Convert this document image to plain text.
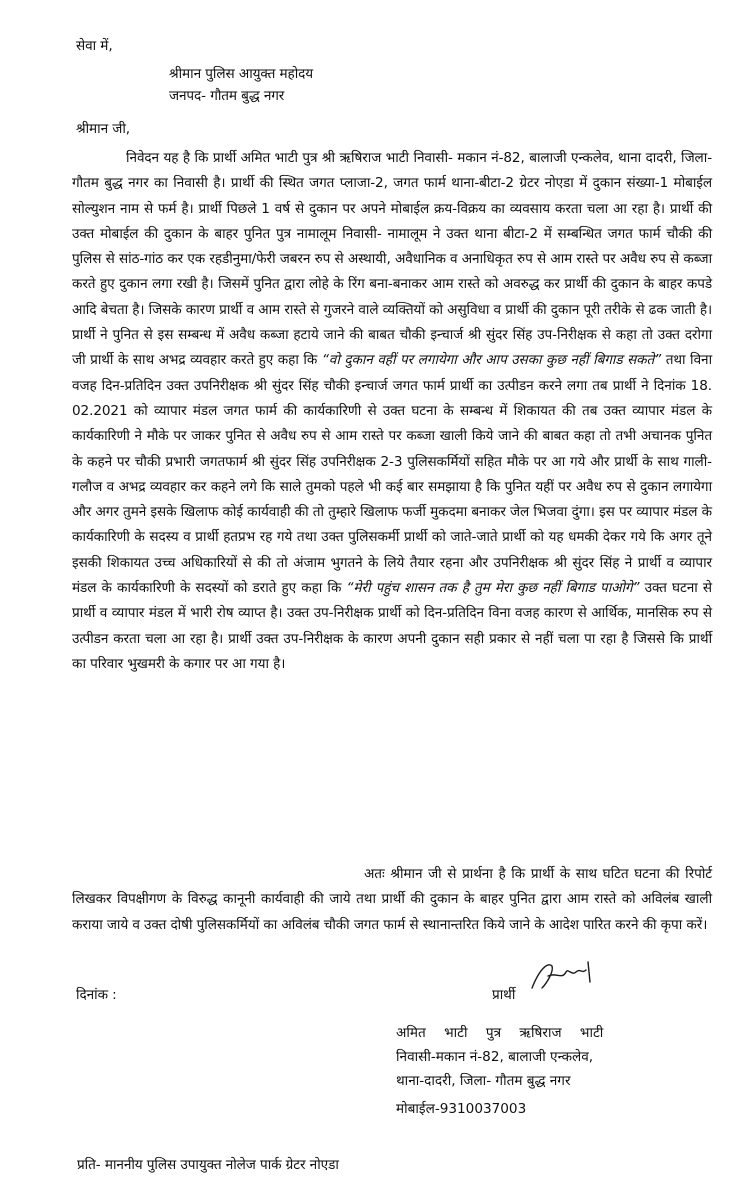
सेवा में,
श्रीमान पुलिस आयुक्त महोदय
जनपद- गौतम बुद्ध नगर
श्रीमान जी,
निवेदन यह है कि प्रार्थी अमित भाटी पुत्र श्री ऋषिराज भाटी निवासी- मकान नं-82, बालाजी एन्कलेव, थाना दादरी, जिला- गौतम बुद्ध नगर का निवासी है। प्रार्थी की स्थित जगत प्लाजा-2, जगत फार्म थाना-बीटा-2 ग्रेटर नोएडा में दुकान संख्या-1 मोबाईल सोल्युशन नाम से फर्म है। प्रार्थी पिछले 1 वर्ष से दुकान पर अपने मोबाईल क्रय-विक्रय का व्यवसाय करता चला आ रहा है। प्रार्थी की उक्त मोबाईल की दुकान के बाहर पुनित पुत्र नामालूम निवासी- नामालूम ने उक्त थाना बीटा-2 में सम्बन्धित जगत फार्म चौकी की पुलिस से सांठ-गांठ कर एक रहडीनुमा/फेरी जबरन रुप से अस्थायी, अवैधानिक व अनाधिकृत रुप से आम रास्ते पर अवैध रुप से कब्जा करते हुए दुकान लगा रखी है। जिसमें पुनित द्वारा लोहे के रिंग बना-बनाकर आम रास्ते को अवरुद्ध कर प्रार्थी की दुकान के बाहर कपडे आदि बेचता है। जिसके कारण प्रार्थी व आम रास्ते से गुजरने वाले व्यक्तियों को असुविधा व प्रार्थी की दुकान पूरी तरीके से ढक जाती है। प्रार्थी ने पुनित से इस सम्बन्ध में अवैध कब्जा हटाये जाने की बाबत चौकी इन्चार्ज श्री सुंदर सिंह उप-निरीक्षक से कहा तो उक्त दरोगा जी प्रार्थी के साथ अभद्र व्यवहार करते हुए कहा कि “वो दुकान वहीं पर लगायेगा और आप उसका कुछ नहीं बिगाड सकते” तथा विना वजह दिन-प्रतिदिन उक्त उपनिरीक्षक श्री सुंदर सिंह चौकी इन्चार्ज जगत फार्म प्रार्थी का उत्पीडन करने लगा तब प्रार्थी ने दिनांक 18. 02.2021 को व्यापार मंडल जगत फार्म की कार्यकारिणी से उक्त घटना के सम्बन्ध में शिकायत की तब उक्त व्यापार मंडल के कार्यकारिणी ने मौके पर जाकर पुनित से अवैध रुप से आम रास्ते पर कब्जा खाली किये जाने की बाबत कहा तो तभी अचानक पुनित के कहने पर चौकी प्रभारी जगतफार्म श्री सुंदर सिंह उपनिरीक्षक 2-3 पुलिसकर्मियों सहित मौके पर आ गये और प्रार्थी के साथ गाली-गलौज व अभद्र व्यवहार कर कहने लगे कि साले तुमको पहले भी कई बार समझाया है कि पुनित यहीं पर अवैध रुप से दुकान लगायेगा और अगर तुमने इसके खिलाफ कोई कार्यवाही की तो तुम्हारे खिलाफ फर्जी मुकदमा बनाकर जेल भिजवा दुंगा। इस पर व्यापार मंडल के कार्यकारिणी के सदस्य व प्रार्थी हतप्रभ रह गये तथा उक्त पुलिसकर्मी प्रार्थी को जाते-जाते प्रार्थी को यह धमकी देकर गये कि अगर तूने इसकी शिकायत उच्च अधिकारियों से की तो अंजाम भुगतने के लिये तैयार रहना और उपनिरीक्षक श्री सुंदर सिंह ने प्रार्थी व व्यापार मंडल के कार्यकारिणी के सदस्यों को डराते हुए कहा कि “मेरी पहुंच शासन तक है तुम मेरा कुछ नहीं बिगाड पाओगे” उक्त घटना से प्रार्थी व व्यापार मंडल में भारी रोष व्याप्त है। उक्त उप-निरीक्षक प्रार्थी को दिन-प्रतिदिन विना वजह कारण से आर्थिक, मानसिक रुप से उत्पीडन करता चला आ रहा है। प्रार्थी उक्त उप-निरीक्षक के कारण अपनी दुकान सही प्रकार से नहीं चला पा रहा है जिससे कि प्रार्थी का परिवार भुखमरी के कगार पर आ गया है।
अतः श्रीमान जी से प्रार्थना है कि प्रार्थी के साथ घटित घटना की रिपोर्ट लिखकर विपक्षीगण के विरुद्ध कानूनी कार्यवाही की जाये तथा प्रार्थी की दुकान के बाहर पुनित द्वारा आम रास्ते को अविलंब खाली कराया जाये व उक्त दोषी पुलिसकर्मियों का अविलंब चौकी जगत फार्म से स्थानान्तरित किये जाने के आदेश पारित करने की कृपा करें।
दिनांक :	प्रार्थी
अमित भाटी पुत्र ऋषिराज भाटी
निवासी-मकान नं-82, बालाजी एन्कलेव,
थाना-दादरी, जिला- गौतम बुद्ध नगर
मोबाईल-9310037003
प्रति- माननीय पुलिस उपायुक्त नोलेज पार्क ग्रेटर नोएडा
